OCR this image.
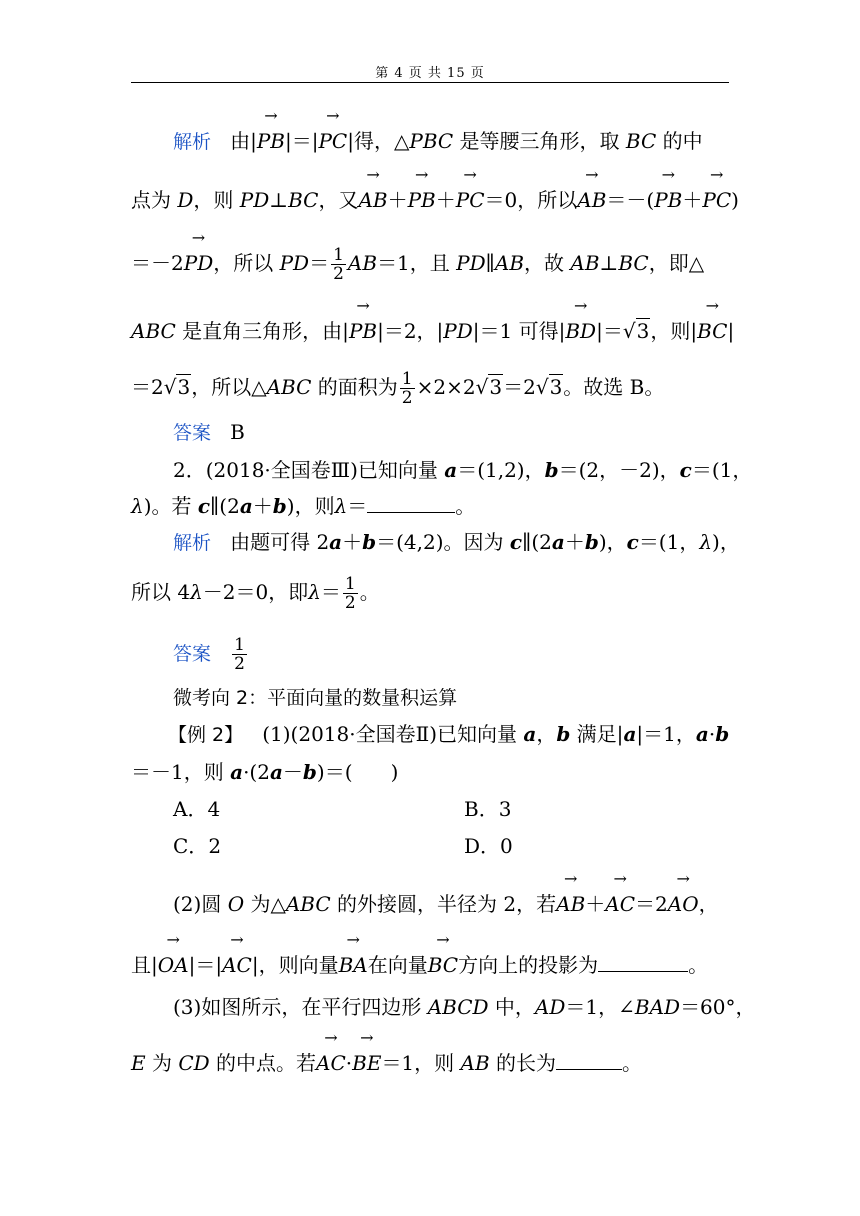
第 4 页 共 15 页
解析   由|→ PB|＝|→ PC|得，△PBC 是等腰三角形，取 BC 的中
点为 D，则 PD⊥BC，又→ AB＋→ PB＋→ PC＝0，所以→ AB＝－(→ PB＋→ PC)
＝－2→ PD，所以 $PD= \frac{1}{2} AB=1$，且 PD∥AB，故 AB⊥BC，即△
ABC 是直角三角形，由|→ PB|＝2，|PD|＝1 可得|→ BD|＝√3，则|→ BC|
＝2√3，所以△ABC 的面积为 $\frac{1}{2} \times 2\times 2√3=2√3$。故选 B。
答案 B
2．(2018·全国卷Ⅲ)已知向量 a＝(1,2)，b＝(2，－2)，c＝(1，
λ)。若 c∥(2a＋b)，则λ＝	。
解析   由题可得 2a＋b＝(4,2)。因为 c∥(2a＋b)，c＝(1，λ)，
所以 4λ－2＝0，即$\lambda= \frac{1}{2}$ 。
答案 $\frac{1}{2}$
微考向 2：平面向量的数量积运算
【例 2】 (1)(2018·全国卷Ⅱ)已知向量 a，b 满足|a|＝1，a·b
＝－1，则 a·(2a－b)＝(      )
A．4	B．3
C．2	D．0
(2)圆 O 为△ABC 的外接圆，半径为 2，若→ AB＋→ AC＝2→ AO，
且|→ OA|＝|→ AC|，则向量→ BA在向量→ BC方向上的投影为	。
(3)如图所示，在平行四边形 ABCD 中，AD＝1，∠BAD＝60°，
E 为 CD 的中点。若→ AC·→ BE＝1，则 AB 的长为	。
